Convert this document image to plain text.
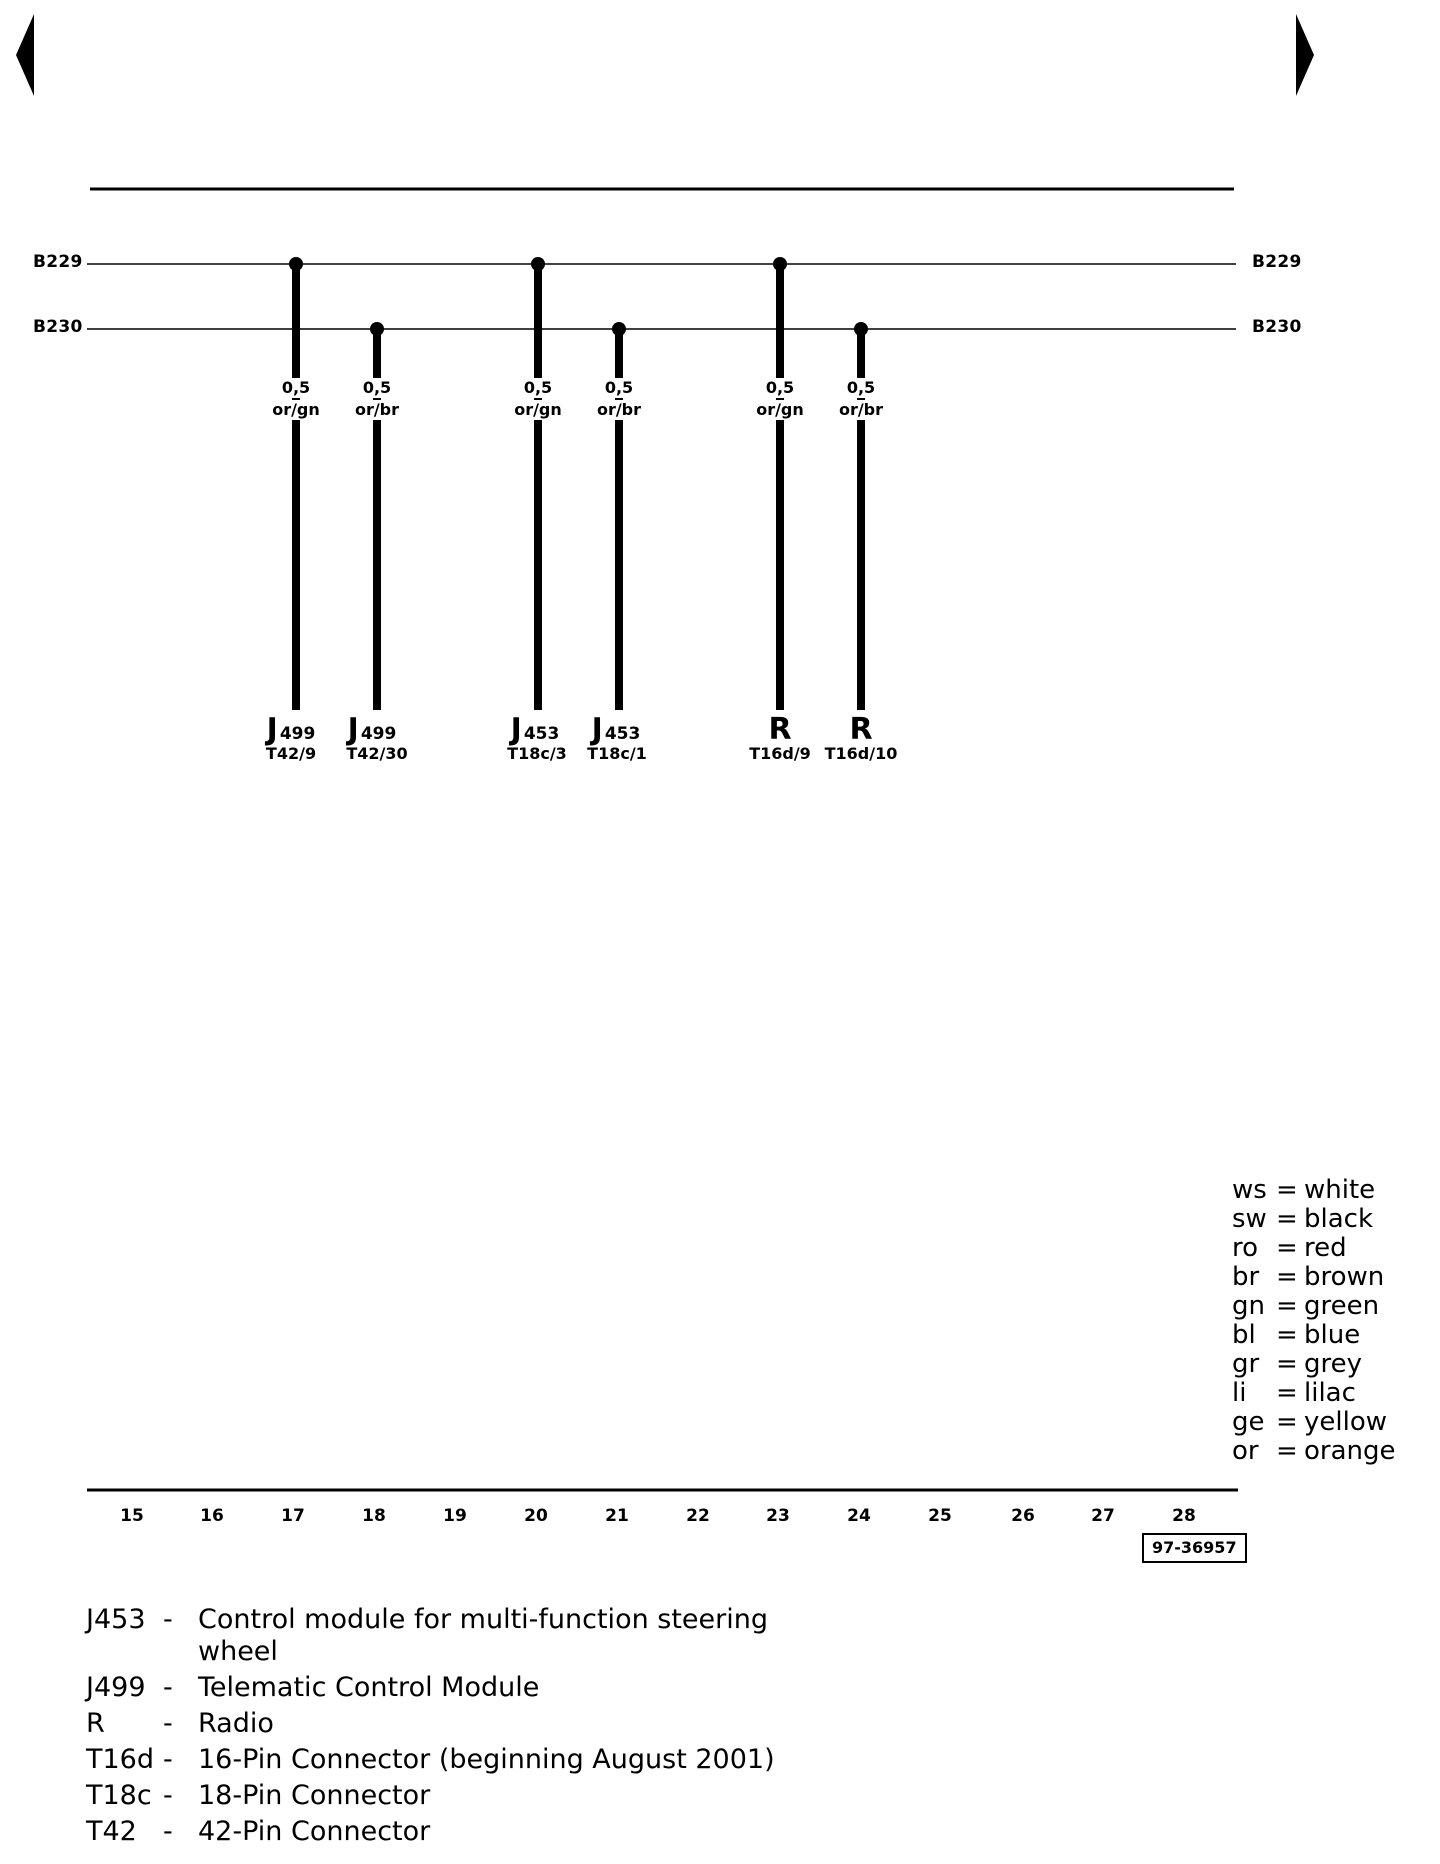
B229
B230
B229
B230
0,5
or/gn
0,5
or/br
0,5
or/gn
0,5
or/br
0,5
or/gn
0,5
or/br
J 499
T42/9
J 499
T42/30
J 453
T18c/3
J 453
T18c/1
R
T16d/9
R
T16d/10
ws = white
sw = black
ro = red
br = brown
gn = green
bl = blue
gr = grey
li = lilac
ge = yellow
or = orange
15	16	17	18	19	20	21	22	23	24	25	26	27	28
97-36957
J453 - Control module for multi-function steering wheel
J499 - Telematic Control Module
R - Radio
T16d - 16-Pin Connector (beginning August 2001)
T18c - 18-Pin Connector
T42 - 42-Pin Connector
